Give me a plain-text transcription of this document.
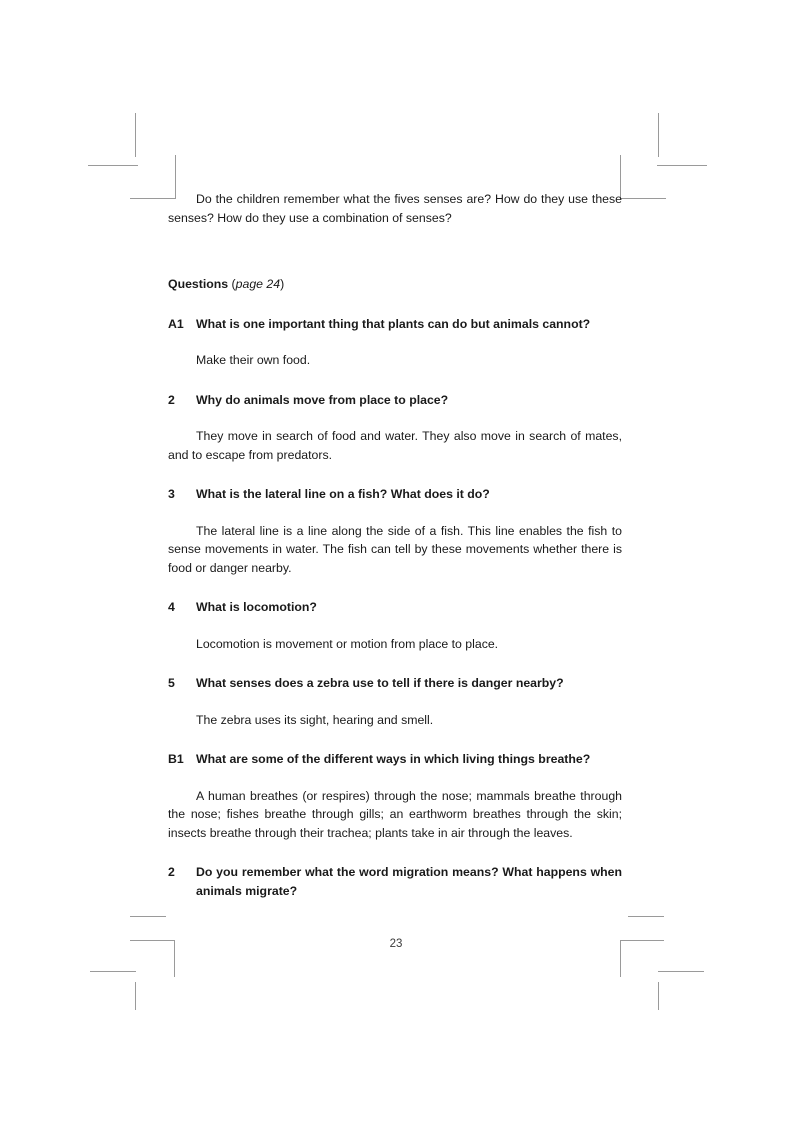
Do the children remember what the fives senses are? How do they use these senses? How do they use a combination of senses?

Questions (page 24)
A1 What is one important thing that plants can do but animals cannot?

Make their own food.

2	Why do animals move from place to place?

They move in search of food and water. They also move in search of mates, and to escape from predators.

3	What is the lateral line on a fish? What does it do?

The lateral line is a line along the side of a fish. This line enables the fish to sense movements in water. The fish can tell by these movements whether there is food or danger nearby.

4	What is locomotion?

Locomotion is movement or motion from place to place.

5	What senses does a zebra use to tell if there is danger nearby?

The zebra uses its sight, hearing and smell.

B1 What are some of the different ways in which living things breathe?

A human breathes (or respires) through the nose; mammals breathe through the nose; fishes breathe through gills; an earthworm breathes through the skin; insects breathe through their trachea; plants take in air through the leaves.

2	Do you remember what the word migration means? What happens when animals migrate?
23
